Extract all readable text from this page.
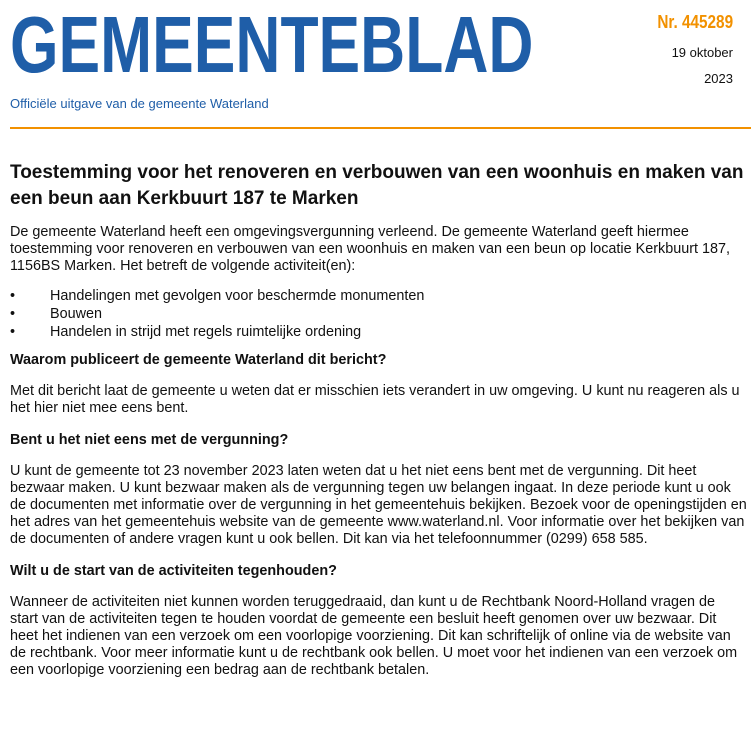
GEMEENTEBLAD
Officiële uitgave van de gemeente Waterland
Nr. 445289
19 oktober
2023
Toestemming voor het renoveren en verbouwen van een woonhuis en maken van een beun aan Kerkbuurt 187 te Marken

De gemeente Waterland heeft een omgevingsvergunning verleend. De gemeente Waterland geeft hiermee toestemming voor renoveren en verbouwen van een woonhuis en maken van een beun op locatie Kerkbuurt 187, 1156BS Marken. Het betreft de volgende activiteit(en):

• Handelingen met gevolgen voor beschermde monumenten
• Bouwen
• Handelen in strijd met regels ruimtelijke ordening
Waarom publiceert de gemeente Waterland dit bericht?

Met dit bericht laat de gemeente u weten dat er misschien iets verandert in uw omgeving. U kunt nu reageren als u het hier niet mee eens bent.

Bent u het niet eens met de vergunning?

U kunt de gemeente tot 23 november 2023 laten weten dat u het niet eens bent met de vergunning. Dit heet bezwaar maken. U kunt bezwaar maken als de vergunning tegen uw belangen ingaat. In deze periode kunt u ook de documenten met informatie over de vergunning in het gemeentehuis bekijken. Bezoek voor de openingstijden en het adres van het gemeentehuis website van de gemeente www.waterland.nl. Voor informatie over het bekijken van de documenten of andere vragen kunt u ook bellen. Dit kan via het telefoonnummer (0299) 658 585.

Wilt u de start van de activiteiten tegenhouden?

Wanneer de activiteiten niet kunnen worden teruggedraaid, dan kunt u de Rechtbank Noord-Holland vragen de start van de activiteiten tegen te houden voordat de gemeente een besluit heeft genomen over uw bezwaar. Dit heet het indienen van een verzoek om een voorlopige voorziening. Dit kan schriftelijk of online via de website van de rechtbank. Voor meer informatie kunt u de rechtbank ook bellen. U moet voor het indienen van een verzoek om een voorlopige voorziening een bedrag aan de rechtbank betalen.
